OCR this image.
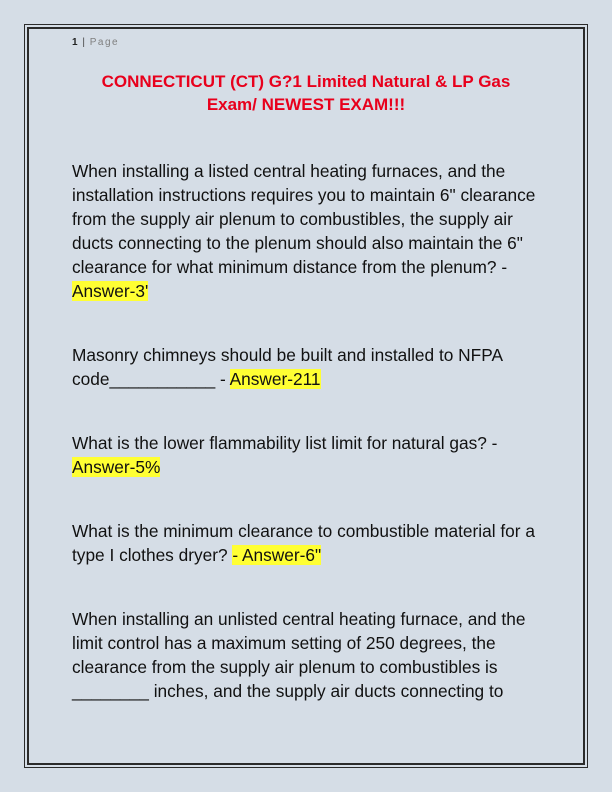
1 | Page
CONNECTICUT (CT) G?1 Limited Natural & LP Gas
Exam/ NEWEST EXAM!!!
When installing a listed central heating furnaces, and the installation instructions requires you to maintain 6" clearance from the supply air plenum to combustibles, the supply air ducts connecting to the plenum should also maintain the 6" clearance for what minimum distance from the plenum? - Answer-3'
Masonry chimneys should be built and installed to NFPA code___________ - Answer-211
What is the lower flammability list limit for natural gas? - Answer-5%
What is the minimum clearance to combustible material for a type I clothes dryer? - Answer-6"
When installing an unlisted central heating furnace, and the limit control has a maximum setting of 250 degrees, the clearance from the supply air plenum to combustibles is ________ inches, and the supply air ducts connecting to
